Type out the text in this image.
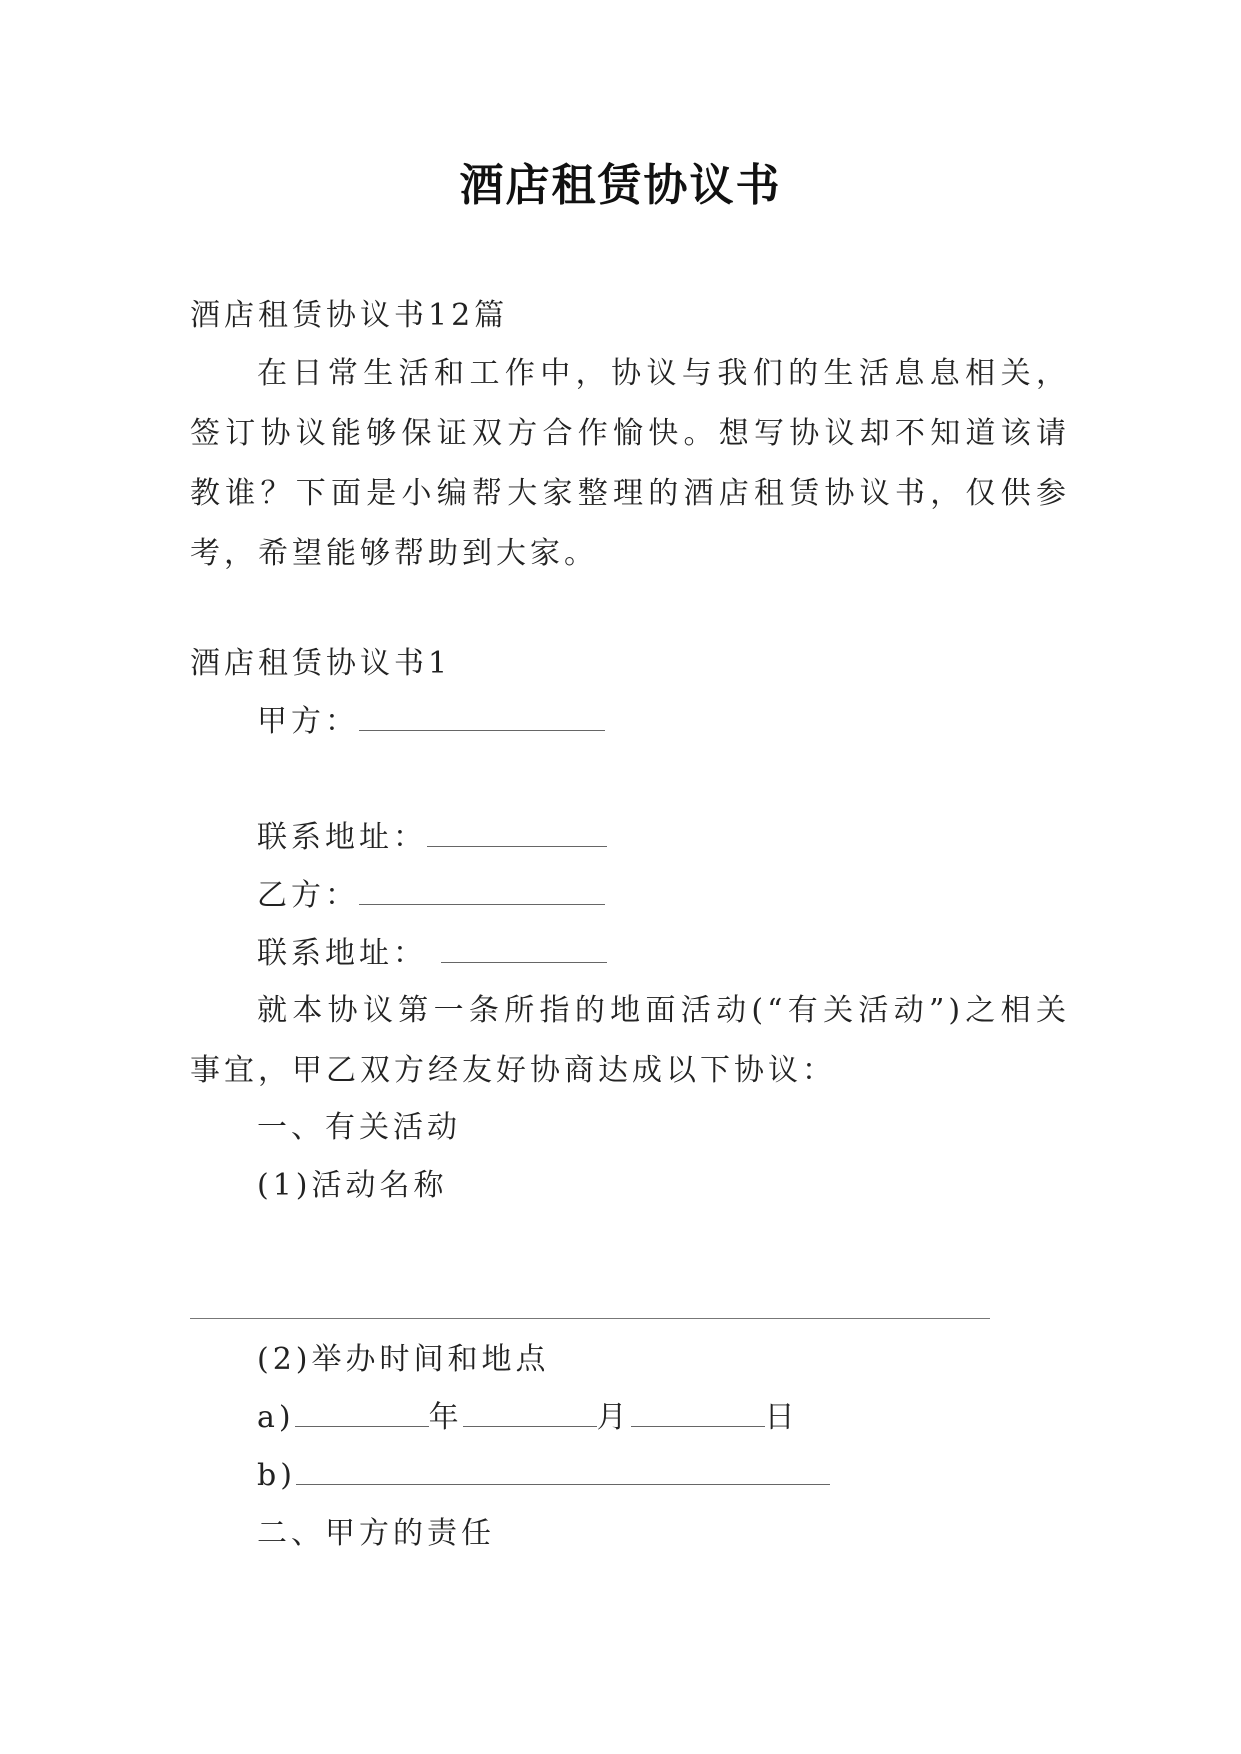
酒店租赁协议书
酒店租赁协议书12篇
在日常生活和工作中，协议与我们的生活息息相关，签订协议能够保证双方合作愉快。想写协议却不知道该请教谁？下面是小编帮大家整理的酒店租赁协议书，仅供参考，希望能够帮助到大家。
酒店租赁协议书1
甲方：
联系地址：
乙方：
联系地址：
就本协议第一条所指的地面活动(“有关活动”)之相关事宜，甲乙双方经友好协商达成以下协议：
一、有关活动
(1)活动名称
(2)举办时间和地点
a)	年	月	日
b)
二、甲方的责任
